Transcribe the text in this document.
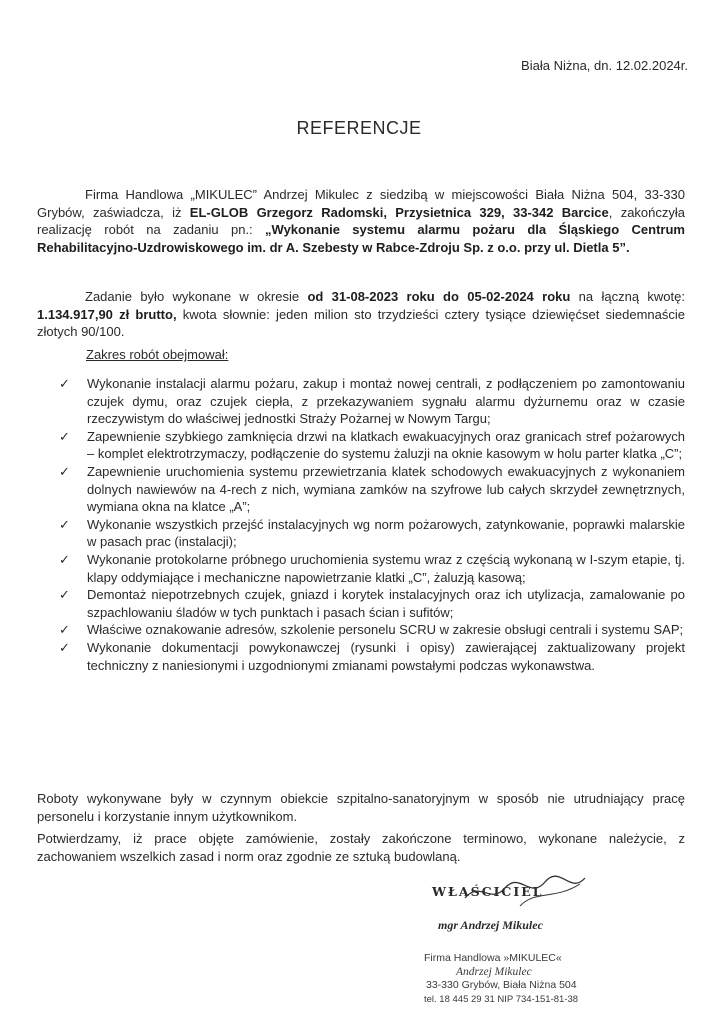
Biała Niżna, dn. 12.02.2024r.
REFERENCJE
Firma Handlowa „MIKULEC” Andrzej Mikulec z siedzibą w miejscowości Biała Niżna 504, 33-330 Grybów, zaświadcza, iż EL-GLOB Grzegorz Radomski, Przysietnica 329, 33-342 Barcice, zakończyła realizację robót na zadaniu pn.: „Wykonanie systemu alarmu pożaru dla Śląskiego Centrum Rehabilitacyjno-Uzdrowiskowego im. dr A. Szebesty w Rabce-Zdroju Sp. z o.o. przy ul. Dietla 5”.
Zadanie było wykonane w okresie od 31-08-2023 roku do 05-02-2024 roku na łączną kwotę: 1.134.917,90 zł brutto, kwota słownie: jeden milion sto trzydzieści cztery tysiące dziewięćset siedemnaście złotych 90/100.
Zakres robót obejmował:
✓ Wykonanie instalacji alarmu pożaru, zakup i montaż nowej centrali, z podłączeniem po zamontowaniu czujek dymu, oraz czujek ciepła, z przekazywaniem sygnału alarmu dyżurnemu oraz w czasie rzeczywistym do właściwej jednostki Straży Pożarnej w Nowym Targu;
✓ Zapewnienie szybkiego zamknięcia drzwi na klatkach ewakuacyjnych oraz granicach stref pożarowych – komplet elektrotrzymaczy, podłączenie do systemu żaluzji na oknie kasowym w holu parter klatka „C”;
✓ Zapewnienie uruchomienia systemu przewietrzania klatek schodowych ewakuacyjnych z wykonaniem dolnych nawiewów na 4-rech z nich, wymiana zamków na szyfrowe lub całych skrzydeł zewnętrznych, wymiana okna na klatce „A”;
✓ Wykonanie wszystkich przejść instalacyjnych wg norm pożarowych, zatynkowanie, poprawki malarskie w pasach prac (instalacji);
✓ Wykonanie protokolarne próbnego uruchomienia systemu wraz z częścią wykonaną w I-szym etapie, tj. klapy oddymiające i mechaniczne napowietrzanie klatki „C”, żaluzją kasową;
✓ Demontaż niepotrzebnych czujek, gniazd i korytek instalacyjnych oraz ich utylizacja, zamalowanie po szpachlowaniu śladów w tych punktach i pasach ścian i sufitów;
✓ Właściwe oznakowanie adresów, szkolenie personelu SCRU w zakresie obsługi centrali i systemu SAP;
✓ Wykonanie dokumentacji powykonawczej (rysunki i opisy) zawierającej zaktualizowany projekt techniczny z naniesionymi i uzgodnionymi zmianami powstałymi podczas wykonawstwa.
Roboty wykonywane były w czynnym obiekcie szpitalno-sanatoryjnym w sposób nie utrudniający pracę personelu i korzystanie innym użytkownikom.
Potwierdzamy, iż prace objęte zamówienie, zostały zakończone terminowo, wykonane należycie, z zachowaniem wszelkich zasad i norm oraz zgodnie ze sztuką budowlaną.
WŁAŚCICIEL
mgr Andrzej Mikulec
Firma Handlowa »MIKULEC«
Andrzej Mikulec
33-330 Grybów, Biała Niżna 504
tel. 18 445 29 31 NIP 734-151-81-38
